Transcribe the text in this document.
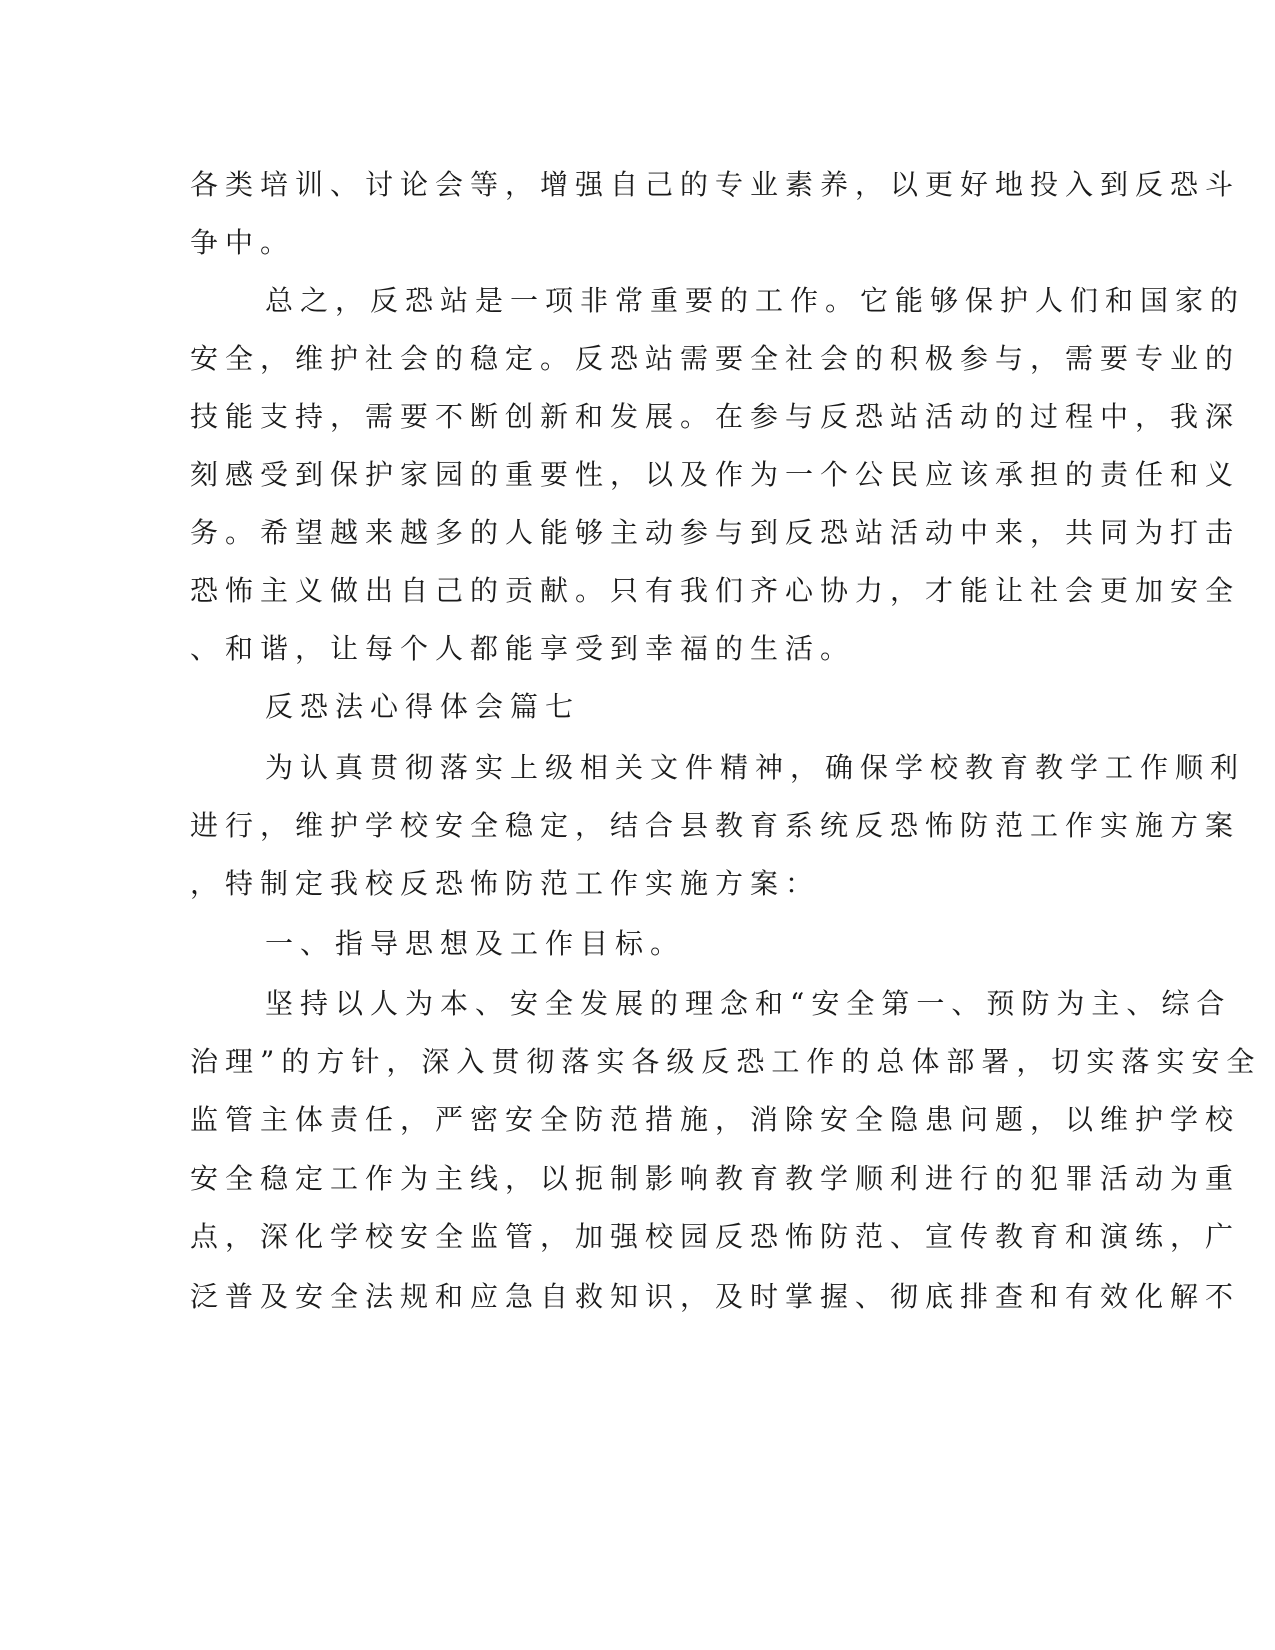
各类培训、讨论会等，增强自己的专业素养，以更好地投入到反恐斗
争中。
总之，反恐站是一项非常重要的工作。它能够保护人们和国家的
安全，维护社会的稳定。反恐站需要全社会的积极参与，需要专业的
技能支持，需要不断创新和发展。在参与反恐站活动的过程中，我深
刻感受到保护家园的重要性，以及作为一个公民应该承担的责任和义
务。希望越来越多的人能够主动参与到反恐站活动中来，共同为打击
恐怖主义做出自己的贡献。只有我们齐心协力，才能让社会更加安全
、和谐，让每个人都能享受到幸福的生活。
反恐法心得体会篇七
为认真贯彻落实上级相关文件精神，确保学校教育教学工作顺利
进行，维护学校安全稳定，结合县教育系统反恐怖防范工作实施方案
，特制定我校反恐怖防范工作实施方案：
一、指导思想及工作目标。
坚持以人为本、安全发展的理念和“安全第一、预防为主、综合
治理”的方针，深入贯彻落实各级反恐工作的总体部署，切实落实安全
监管主体责任，严密安全防范措施，消除安全隐患问题，以维护学校
安全稳定工作为主线，以扼制影响教育教学顺利进行的犯罪活动为重
点，深化学校安全监管，加强校园反恐怖防范、宣传教育和演练，广
泛普及安全法规和应急自救知识，及时掌握、彻底排查和有效化解不
